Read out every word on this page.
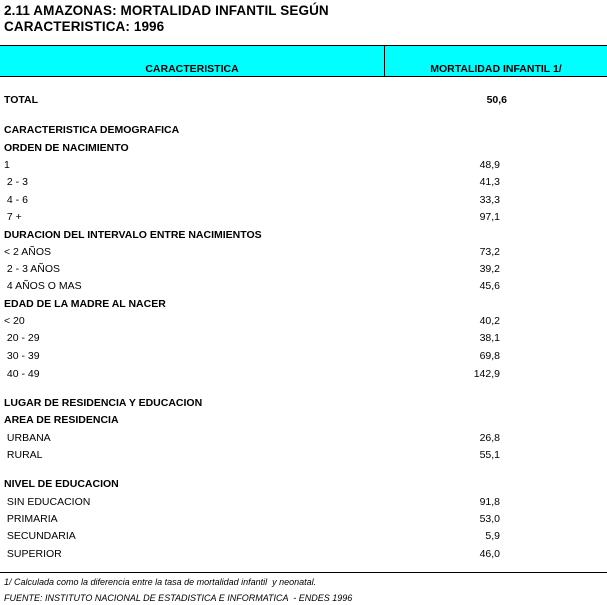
2.11 AMAZONAS: MORTALIDAD INFANTIL SEGÚN
CARACTERISTICA: 1996
CARACTERISTICA	MORTALIDAD INFANTIL 1/
TOTAL	50,6
CARACTERISTICA DEMOGRAFICA
ORDEN DE NACIMIENTO
1	48,9
2 - 3	41,3
4 - 6	33,3
7 +	97,1
DURACION DEL INTERVALO ENTRE NACIMIENTOS
< 2 AÑOS	73,2
2 - 3 AÑOS	39,2
4 AÑOS O MAS	45,6
EDAD DE LA MADRE AL NACER
< 20	40,2
20 - 29	38,1
30 - 39	69,8
40 - 49	142,9
LUGAR DE RESIDENCIA Y EDUCACION
AREA DE RESIDENCIA
URBANA	26,8
RURAL	55,1
NIVEL DE EDUCACION
SIN EDUCACION	91,8
PRIMARIA	53,0
SECUNDARIA	5,9
SUPERIOR	46,0
1/ Calculada como la diferencia entre la tasa de mortalidad infantil  y neonatal.
FUENTE: INSTITUTO NACIONAL DE ESTADISTICA E INFORMATICA  - ENDES 1996
